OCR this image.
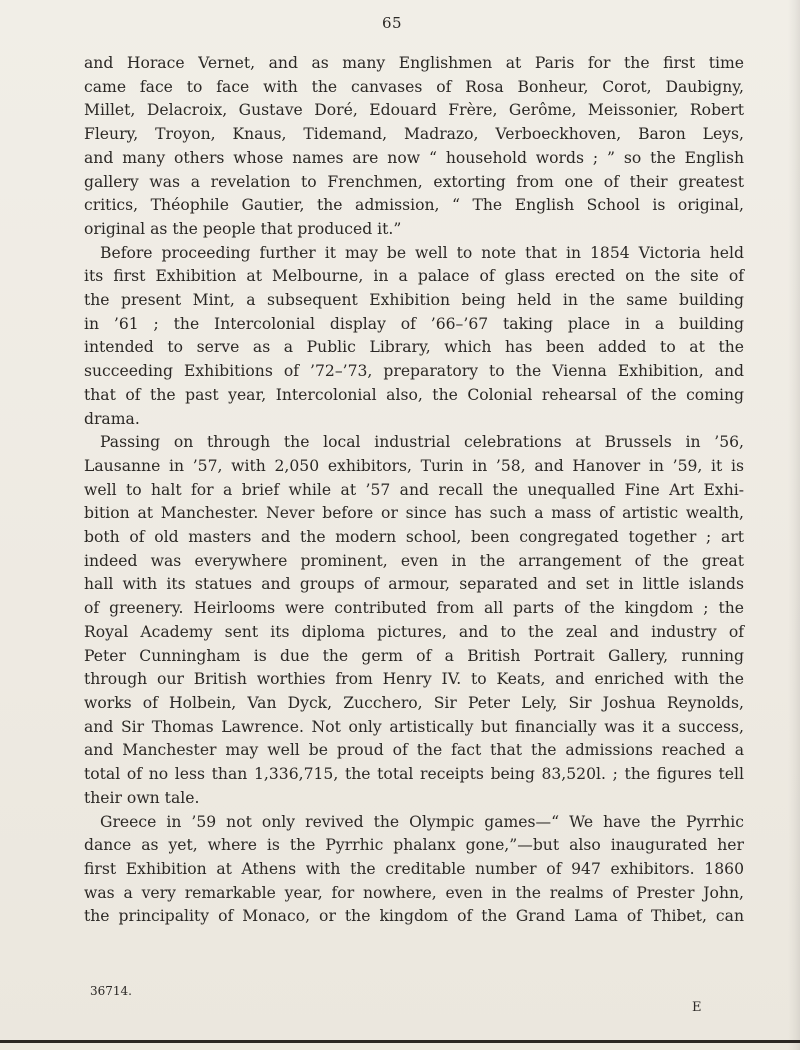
65
and Horace Vernet, and as many Englishmen at Paris for the first time
came face to face with the canvases of Rosa Bonheur, Corot, Daubigny,
Millet, Delacroix, Gustave Doré, Edouard Frère, Gerôme, Meissonier, Robert
Fleury, Troyon, Knaus, Tidemand, Madrazo, Verboeckhoven, Baron Leys,
and many others whose names are now “ household words ; ” so the English
gallery was a revelation to Frenchmen, extorting from one of their greatest
critics, Théophile Gautier, the admission, “ The English School is original,
original as the people that produced it.”
Before proceeding further it may be well to note that in 1854 Victoria held
its first Exhibition at Melbourne, in a palace of glass erected on the site of
the present Mint, a subsequent Exhibition being held in the same building
in ’61 ; the Intercolonial display of ’66–’67 taking place in a building
intended to serve as a Public Library, which has been added to at the
succeeding Exhibitions of ’72–’73, preparatory to the Vienna Exhibition, and
that of the past year, Intercolonial also, the Colonial rehearsal of the coming
drama.
Passing on through the local industrial celebrations at Brussels in ’56,
Lausanne in ’57, with 2,050 exhibitors, Turin in ’58, and Hanover in ’59, it is
well to halt for a brief while at ’57 and recall the unequalled Fine Art Exhi-
bition at Manchester. Never before or since has such a mass of artistic wealth,
both of old masters and the modern school, been congregated together ; art
indeed was everywhere prominent, even in the arrangement of the great
hall with its statues and groups of armour, separated and set in little islands
of greenery. Heirlooms were contributed from all parts of the kingdom ; the
Royal Academy sent its diploma pictures, and to the zeal and industry of
Peter Cunningham is due the germ of a British Portrait Gallery, running
through our British worthies from Henry IV. to Keats, and enriched with the
works of Holbein, Van Dyck, Zucchero, Sir Peter Lely, Sir Joshua Reynolds,
and Sir Thomas Lawrence. Not only artistically but financially was it a success,
and Manchester may well be proud of the fact that the admissions reached a
total of no less than 1,336,715, the total receipts being 83,520l. ; the figures tell
their own tale.
Greece in ’59 not only revived the Olympic games—“ We have the Pyrrhic
dance as yet, where is the Pyrrhic phalanx gone,”—but also inaugurated her
first Exhibition at Athens with the creditable number of 947 exhibitors. 1860
was a very remarkable year, for nowhere, even in the realms of Prester John,
the principality of Monaco, or the kingdom of the Grand Lama of Thibet, can
36714.
E
